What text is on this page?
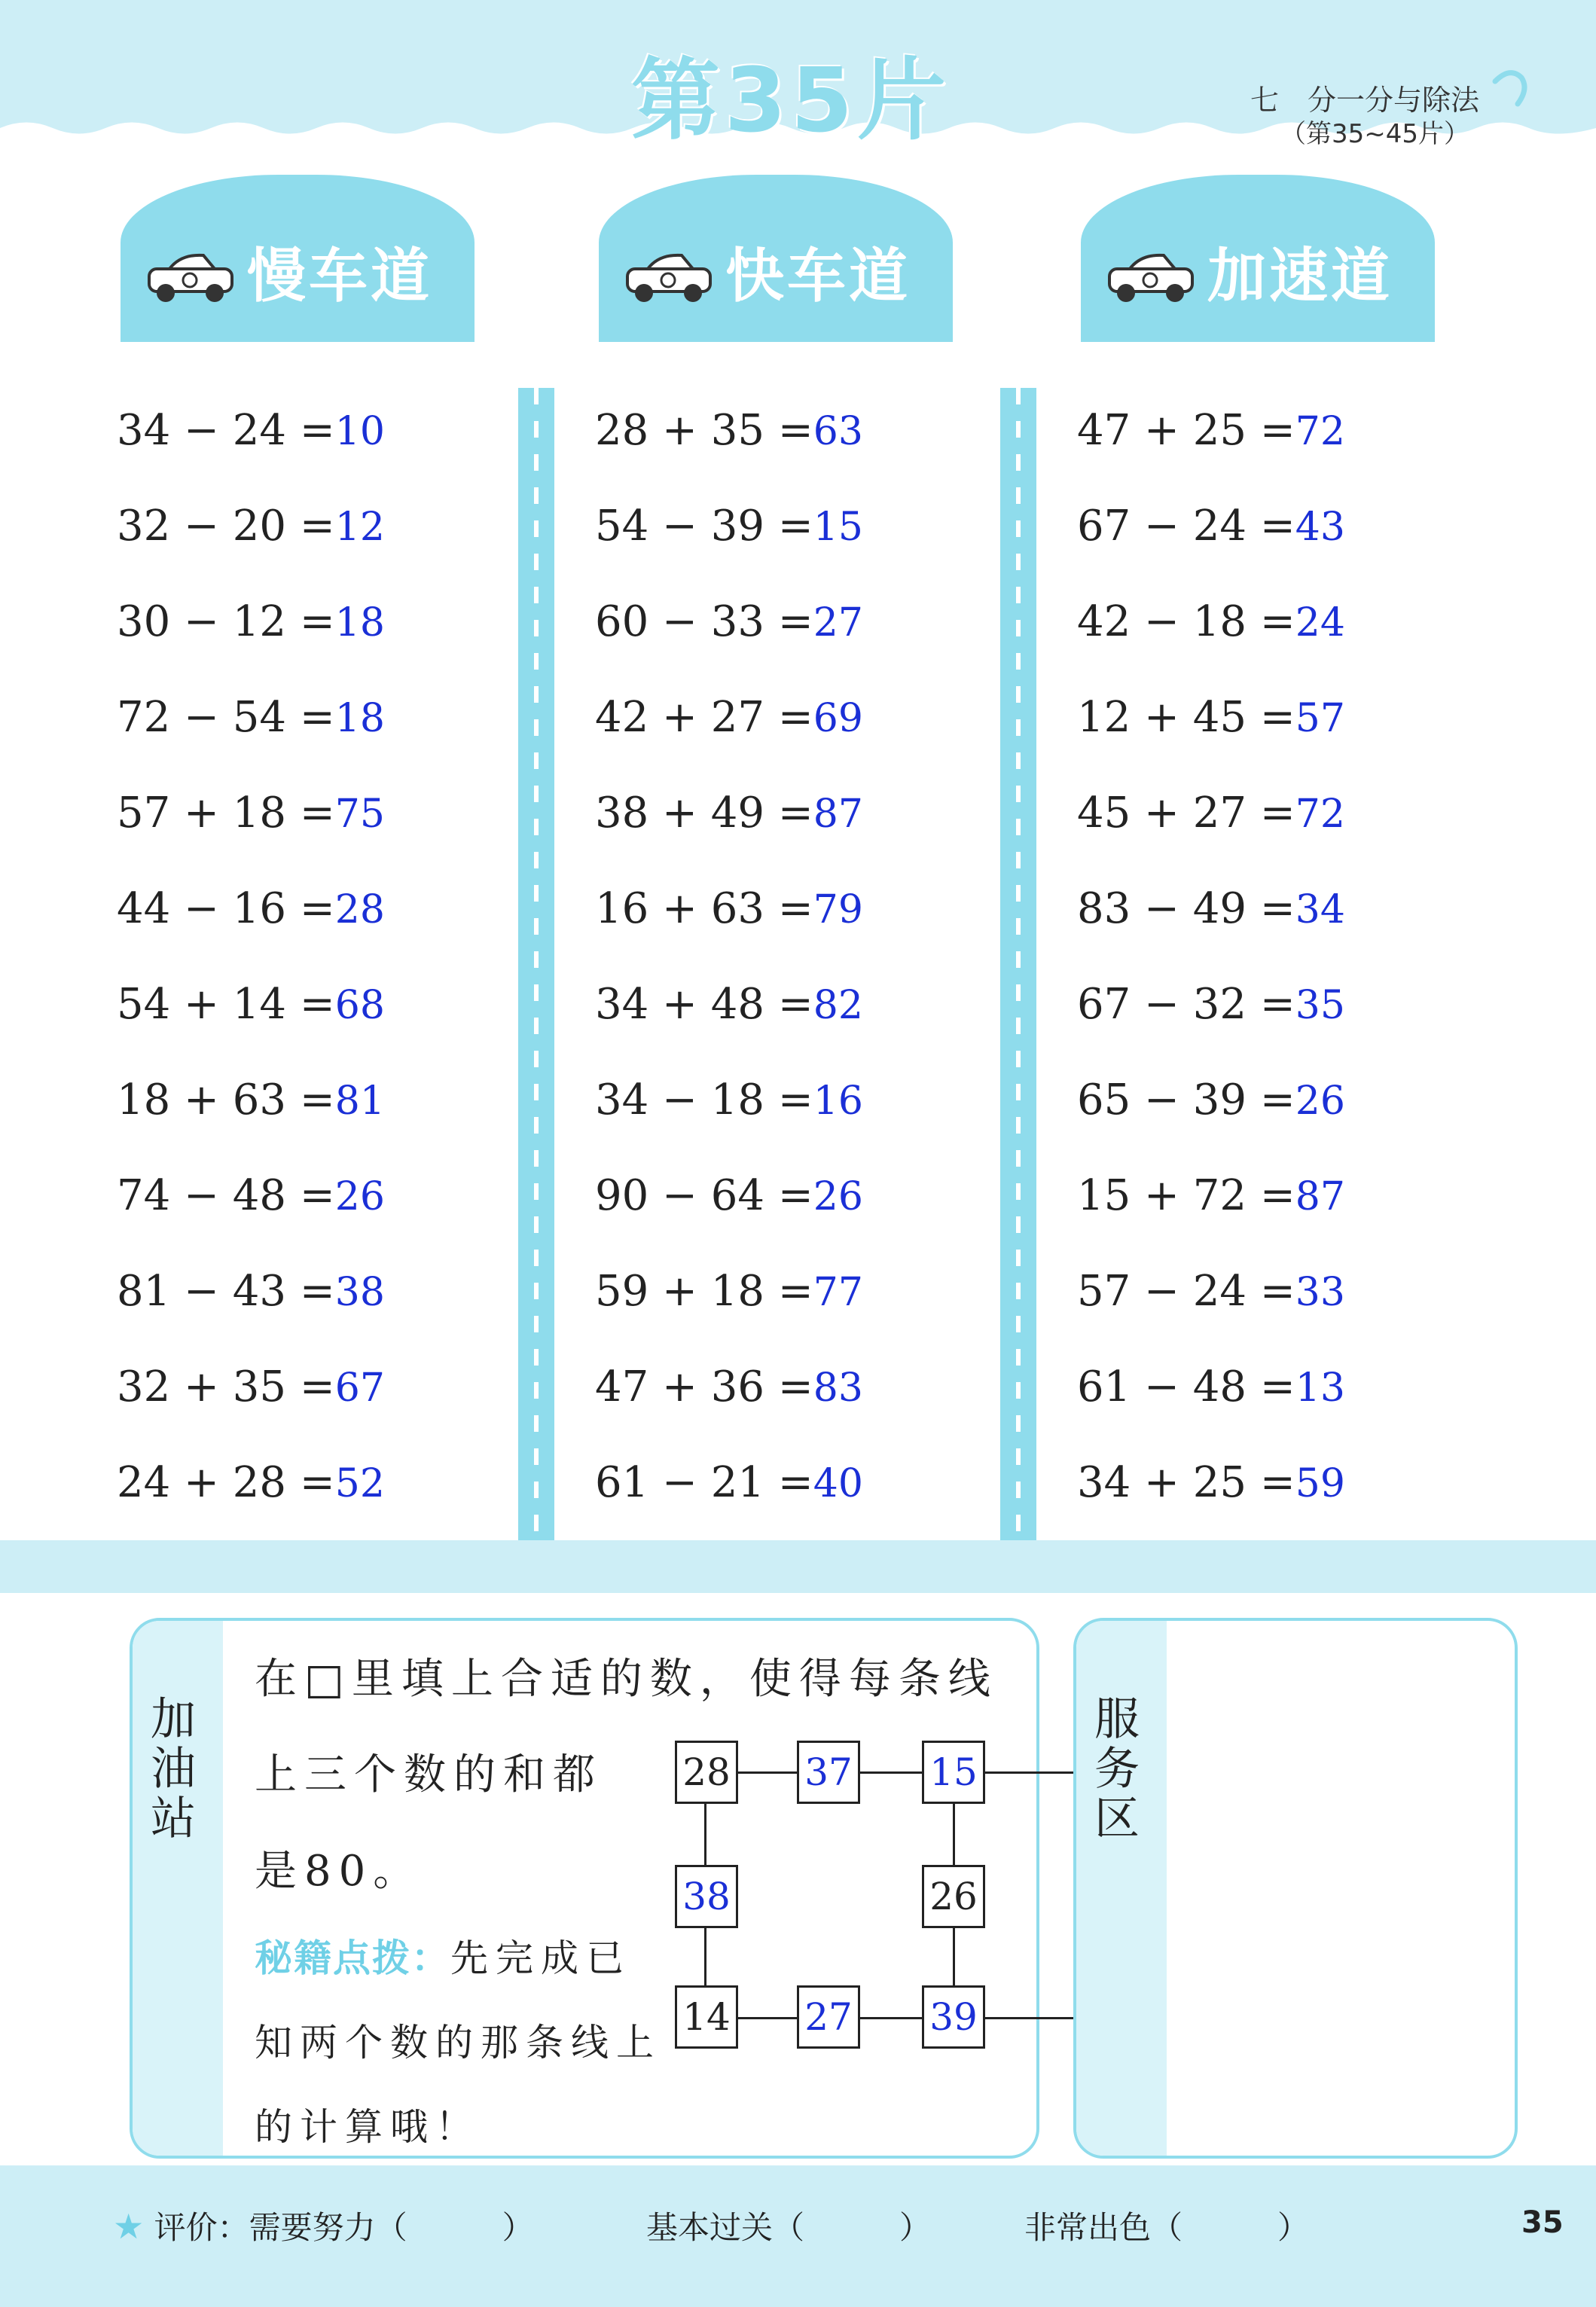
第35片	七　分一分与除法
（第35~45片）
慢车道	快车道	加速道
34 − 24 =10
32 − 20 =12
30 − 12 =18
72 − 54 =18
57 + 18 =75
44 − 16 =28
54 + 14 =68
18 + 63 =81
74 − 48 =26
81 − 43 =38
32 + 35 =67
24 + 28 =52
28 + 35 =63
54 − 39 =15
60 − 33 =27
42 + 27 =69
38 + 49 =87
16 + 63 =79
34 + 48 =82
34 − 18 =16
90 − 64 =26
59 + 18 =77
47 + 36 =83
61 − 21 =40
47 + 25 =72
67 − 24 =43
42 − 18 =24
12 + 45 =57
45 + 27 =72
83 − 49 =34
67 − 32 =35
65 − 39 =26
15 + 72 =87
57 − 24 =33
61 − 48 =13
34 + 25 =59
加
油
站
在□里填上合适的数，使得每条线
上三个数的和都
是80。
秘籍点拨：先完成已
知两个数的那条线上
的计算哦！
28 37 15
38	26
14 27 39
服
务
区
★ 评价：需要努力（　　　）	基本过关（　　　）	非常出色（　　　）	35
